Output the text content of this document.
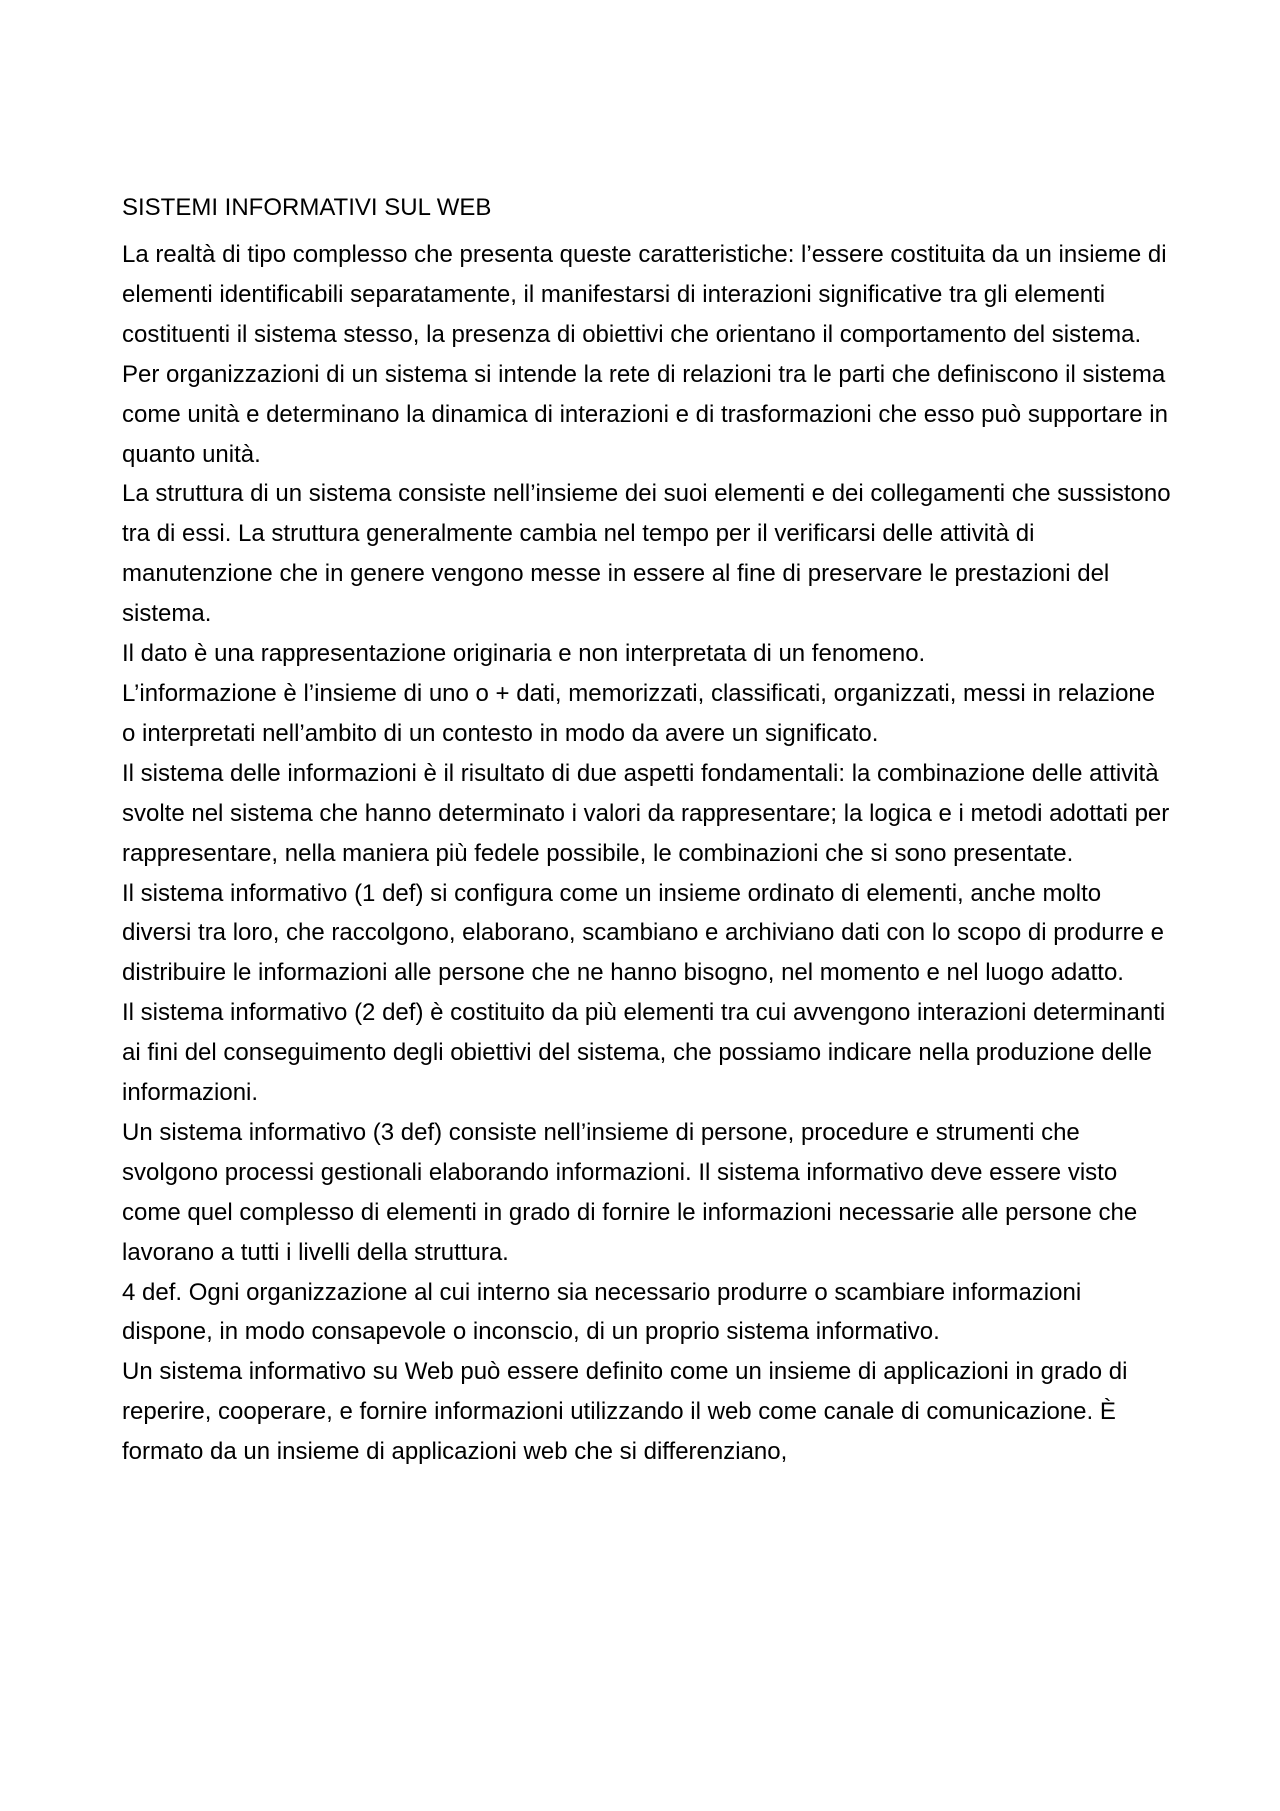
SISTEMI INFORMATIVI SUL WEB

La realtà di tipo complesso che presenta queste caratteristiche: l’essere costituita da un insieme di elementi identificabili separatamente, il manifestarsi di interazioni significative tra gli elementi costituenti il sistema stesso, la presenza di obiettivi che orientano il comportamento del sistema.

Per organizzazioni di un sistema si intende la rete di relazioni tra le parti che definiscono il sistema come unità e determinano la dinamica di interazioni e di trasformazioni che esso può supportare in quanto unità.

La struttura di un sistema consiste nell’insieme dei suoi elementi e dei collegamenti che sussistono tra di essi. La struttura generalmente cambia nel tempo per il verificarsi delle attività di manutenzione che in genere vengono messe in essere al fine di preservare le prestazioni del sistema.

Il dato è una rappresentazione originaria e non interpretata di un fenomeno.

L’informazione è l’insieme di uno o + dati, memorizzati, classificati, organizzati, messi in relazione o interpretati nell’ambito di un contesto in modo da avere un significato.

Il sistema delle informazioni è il risultato di due aspetti fondamentali: la combinazione delle attività svolte nel sistema che hanno determinato i valori da rappresentare; la logica e i metodi adottati per rappresentare, nella maniera più fedele possibile, le combinazioni che si sono presentate.

Il sistema informativo (1 def) si configura come un insieme ordinato di elementi, anche molto diversi tra loro, che raccolgono, elaborano, scambiano e archiviano dati con lo scopo di produrre e distribuire le informazioni alle persone che ne hanno bisogno, nel momento e nel luogo adatto.

Il sistema informativo (2 def) è costituito da più elementi tra cui avvengono interazioni determinanti ai fini del conseguimento degli obiettivi del sistema, che possiamo indicare nella produzione delle informazioni.

Un sistema informativo (3 def) consiste nell’insieme di persone, procedure e strumenti che svolgono processi gestionali elaborando informazioni. Il sistema informativo deve essere visto come quel complesso di elementi in grado di fornire le informazioni necessarie alle persone che lavorano a tutti i livelli della struttura.

4 def. Ogni organizzazione al cui interno sia necessario produrre o scambiare informazioni dispone, in modo consapevole o inconscio, di un proprio sistema informativo.

Un sistema informativo su Web può essere definito come un insieme di applicazioni in grado di reperire, cooperare, e fornire informazioni utilizzando il web come canale di comunicazione. È formato da un insieme di applicazioni web che si differenziano,
